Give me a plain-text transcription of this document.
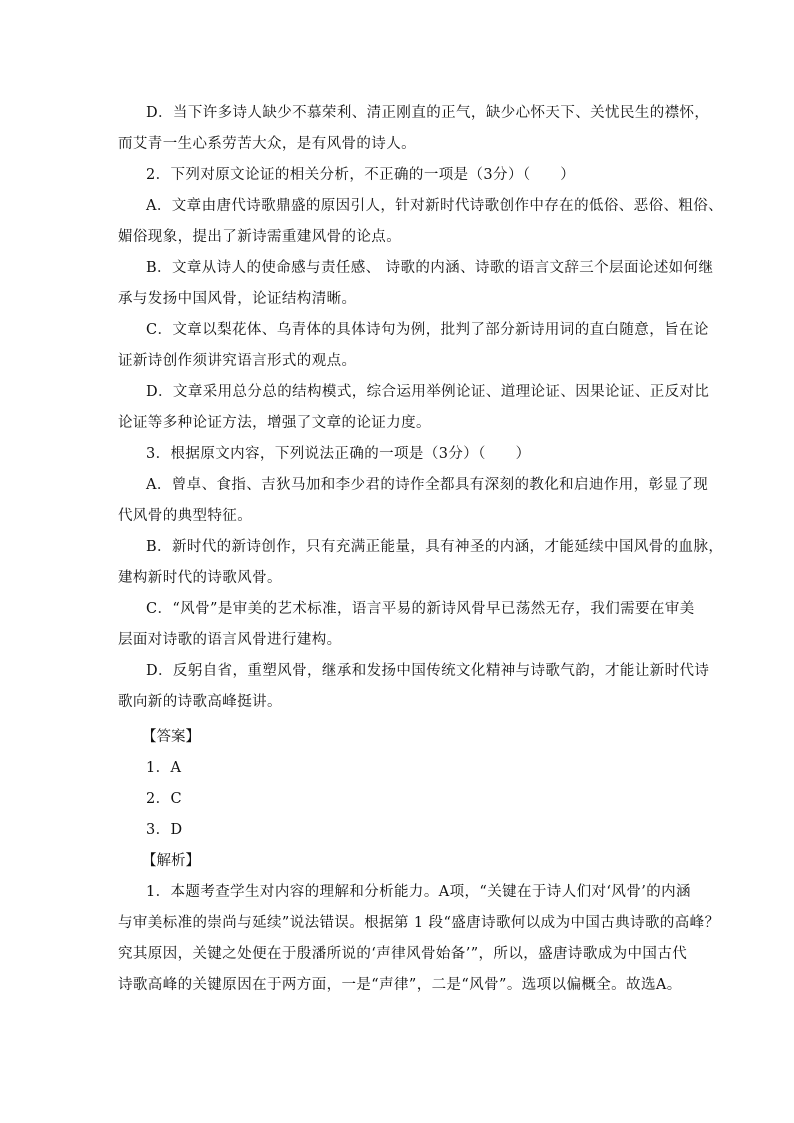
D．当下许多诗人缺少不慕荣利、清正刚直的正气，缺少心怀天下、关忧民生的襟怀，

而艾青一生心系劳苦大众，是有风骨的诗人。

2．下列对原文论证的相关分析，不正确的一项是（3分）（　　）

A．文章由唐代诗歌鼎盛的原因引人，针对新时代诗歌创作中存在的低俗、恶俗、粗俗、

媚俗现象，提出了新诗需重建风骨的论点。

B．文章从诗人的使命感与责任感、 诗歌的内涵、诗歌的语言文辞三个层面论述如何继

承与发扬中国风骨，论证结构清晰。

C．文章以梨花体、乌青体的具体诗句为例，批判了部分新诗用词的直白随意，旨在论

证新诗创作须讲究语言形式的观点。

D．文章采用总分总的结构模式，综合运用举例论证、道理论证、因果论证、正反对比

论证等多种论证方法，增强了文章的论证力度。

3．根据原文内容，下列说法正确的一项是（3分）（　　）

A．曾卓、食指、吉狄马加和李少君的诗作全都具有深刻的教化和启迪作用，彰显了现

代风骨的典型特征。

B．新时代的新诗创作，只有充满正能量，具有神圣的内涵，才能延续中国风骨的血脉，

建构新时代的诗歌风骨。

C．“风骨”是审美的艺术标准，语言平易的新诗风骨早已荡然无存，我们需要在审美

层面对诗歌的语言风骨进行建构。

D．反躬自省，重塑风骨，继承和发扬中国传统文化精神与诗歌气韵，才能让新时代诗

歌向新的诗歌高峰挺讲。

【答案】

1．A

2．C

3．D

【解析】

1．本题考查学生对内容的理解和分析能力。A项，“关键在于诗人们对‘风骨’的内涵

与审美标准的崇尚与延续”说法错误。根据第 1 段“盛唐诗歌何以成为中国古典诗歌的高峰？

究其原因，关键之处便在于殷潘所说的‘声律风骨始备’”，所以，盛唐诗歌成为中国古代

诗歌高峰的关键原因在于两方面，一是“声律”，二是“风骨”。选项以偏概全。故选A。
